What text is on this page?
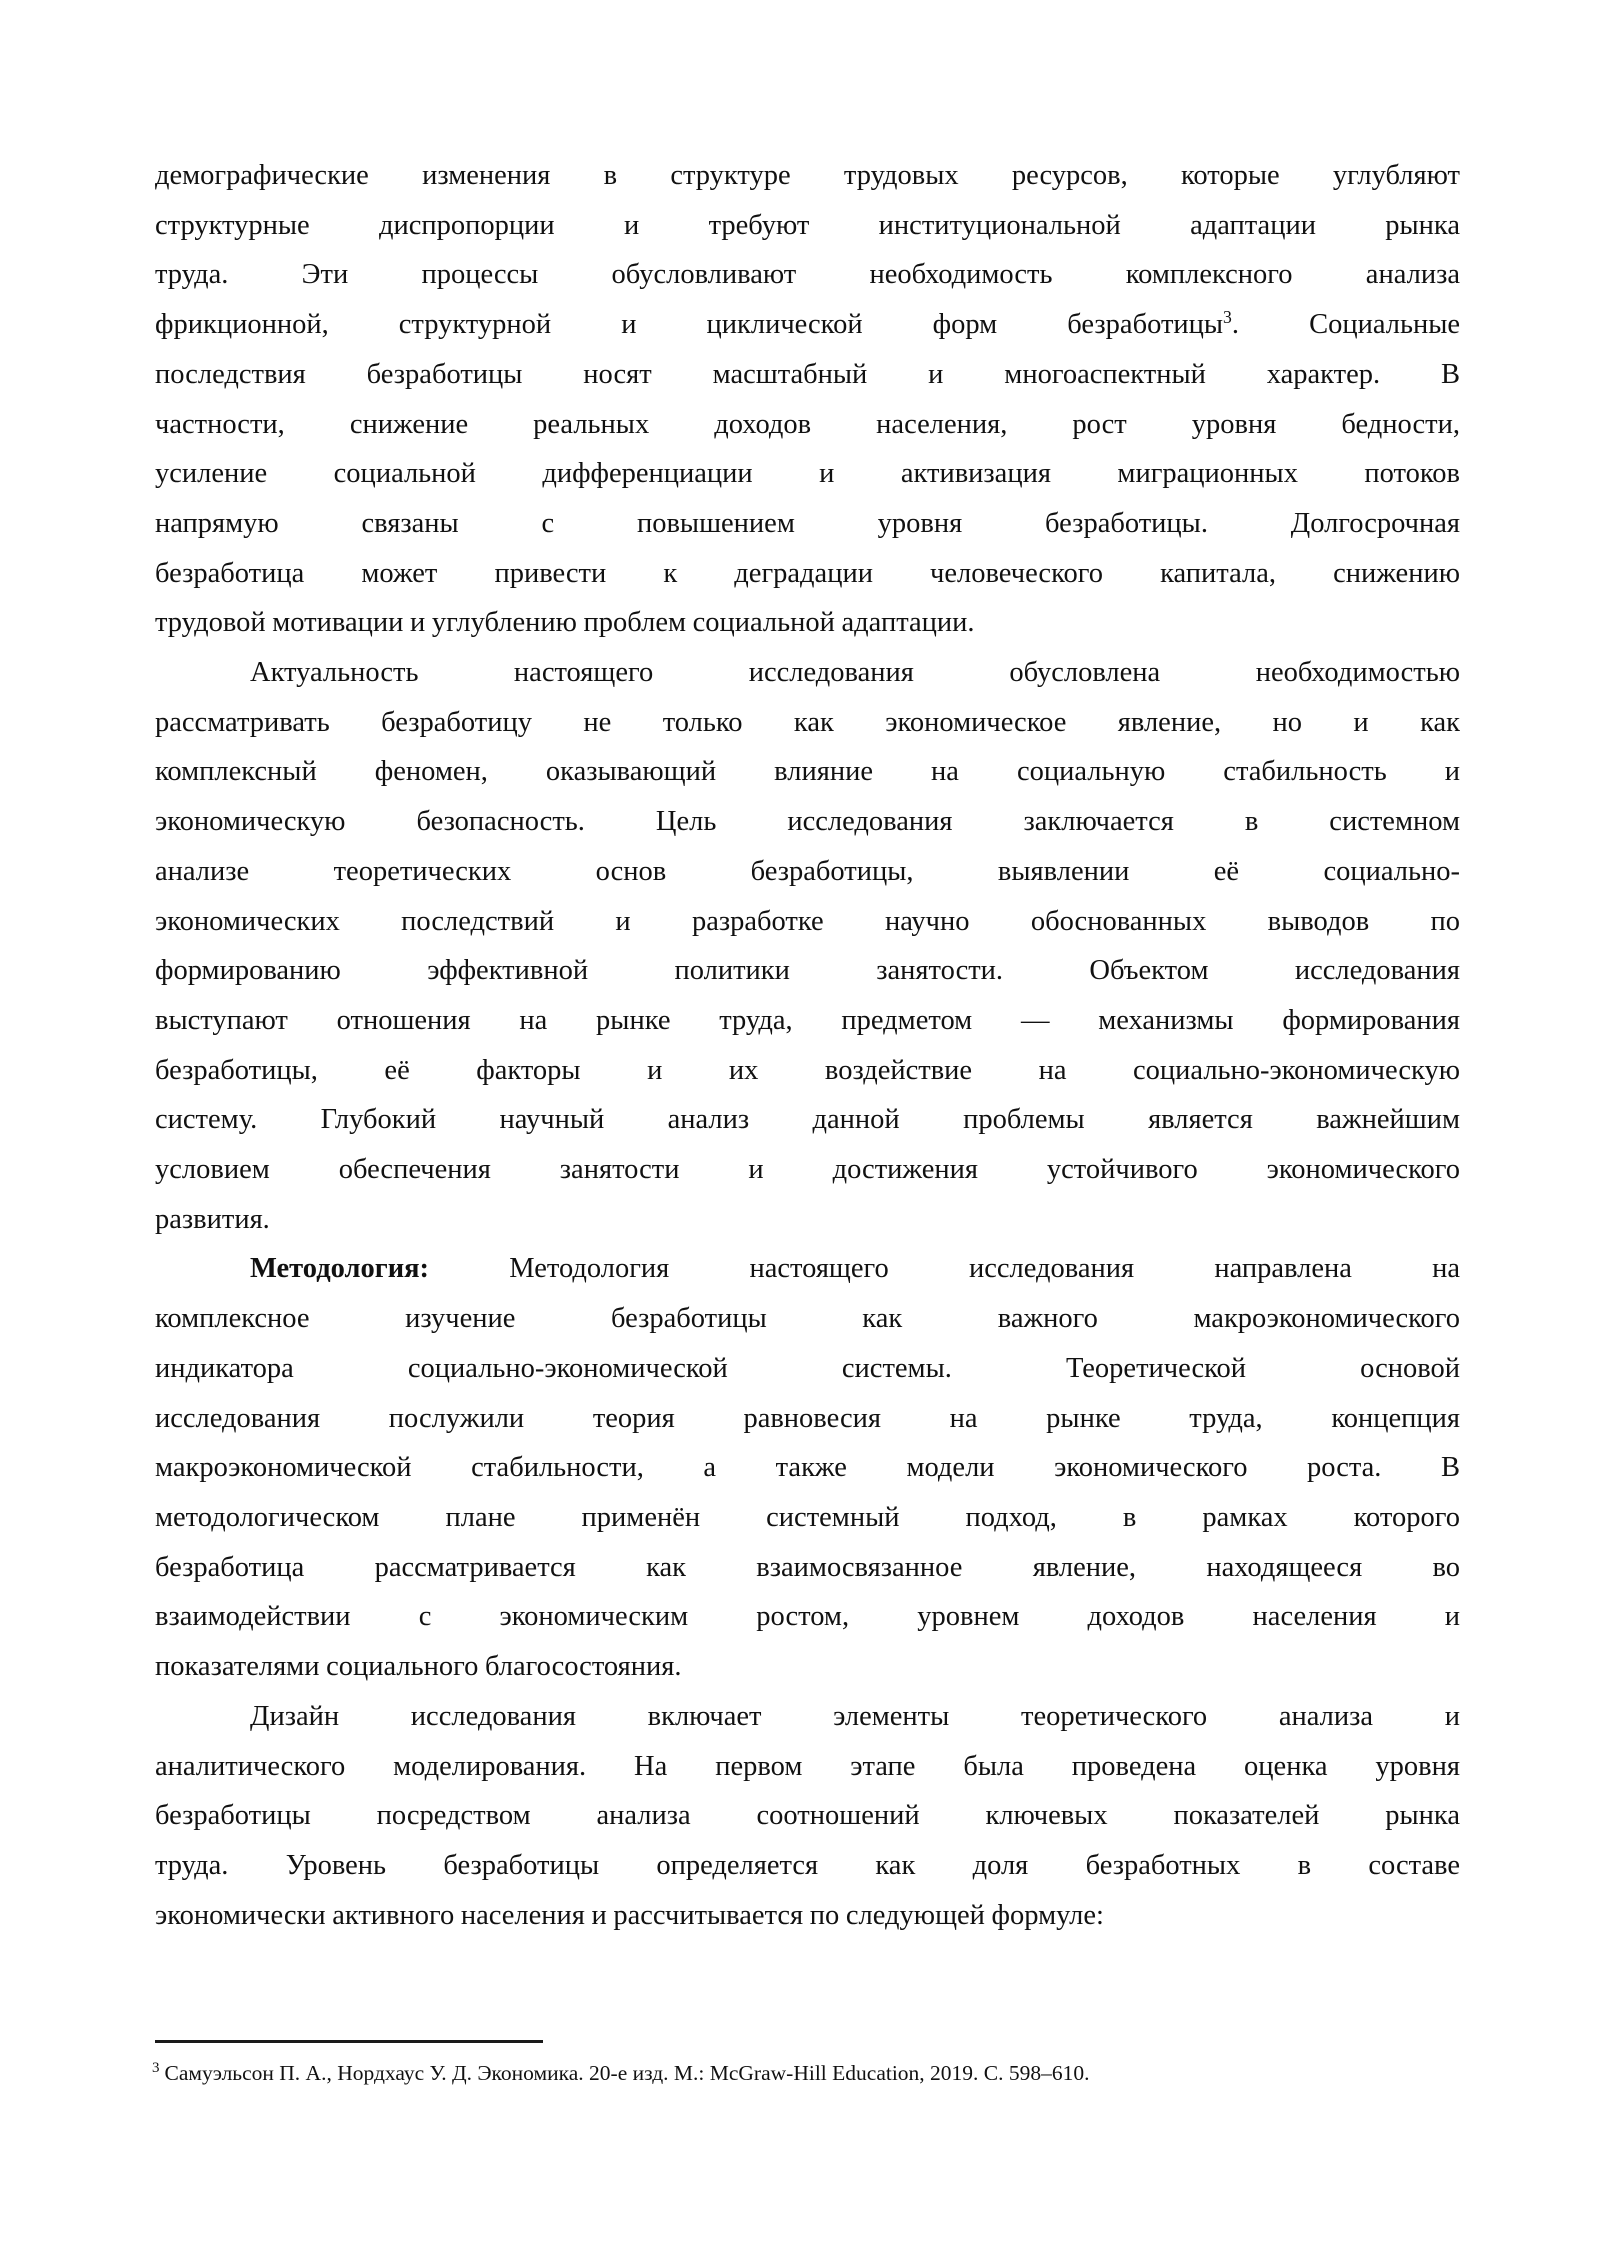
демографические изменения в структуре трудовых ресурсов, которые углубляют
структурные диспропорции и требуют институциональной адаптации рынка
труда. Эти процессы обусловливают необходимость комплексного анализа
фрикционной, структурной и циклической форм безработицы$^3$. Социальные
последствия безработицы носят масштабный и многоаспектный характер. В
частности, снижение реальных доходов населения, рост уровня бедности,
усиление социальной дифференциации и активизация миграционных потоков
напрямую связаны с повышением уровня безработицы. Долгосрочная
безработица может привести к деградации человеческого капитала, снижению
трудовой мотивации и углублению проблем социальной адаптации.
Актуальность настоящего исследования обусловлена необходимостью
рассматривать безработицу не только как экономическое явление, но и как
комплексный феномен, оказывающий влияние на социальную стабильность и
экономическую безопасность. Цель исследования заключается в системном
анализе теоретических основ безработицы, выявлении её социально-
экономических последствий и разработке научно обоснованных выводов по
формированию эффективной политики занятости. Объектом исследования
выступают отношения на рынке труда, предметом — механизмы формирования
безработицы, её факторы и их воздействие на социально-экономическую
систему. Глубокий научный анализ данной проблемы является важнейшим
условием обеспечения занятости и достижения устойчивого экономического
развития.
Методология: Методология настоящего исследования направлена на
комплексное изучение безработицы как важного макроэкономического
индикатора социально-экономической системы. Теоретической основой
исследования послужили теория равновесия на рынке труда, концепция
макроэкономической стабильности, а также модели экономического роста. В
методологическом плане применён системный подход, в рамках которого
безработица рассматривается как взаимосвязанное явление, находящееся во
взаимодействии с экономическим ростом, уровнем доходов населения и
показателями социального благосостояния.
Дизайн исследования включает элементы теоретического анализа и
аналитического моделирования. На первом этапе была проведена оценка уровня
безработицы посредством анализа соотношений ключевых показателей рынка
труда. Уровень безработицы определяется как доля безработных в составе
экономически активного населения и рассчитывается по следующей формуле:
$^3$ Самуэльсон П. А., Нордхаус У. Д. Экономика. 20-е изд. М.: McGraw-Hill Education, 2019. С. 598–610.
